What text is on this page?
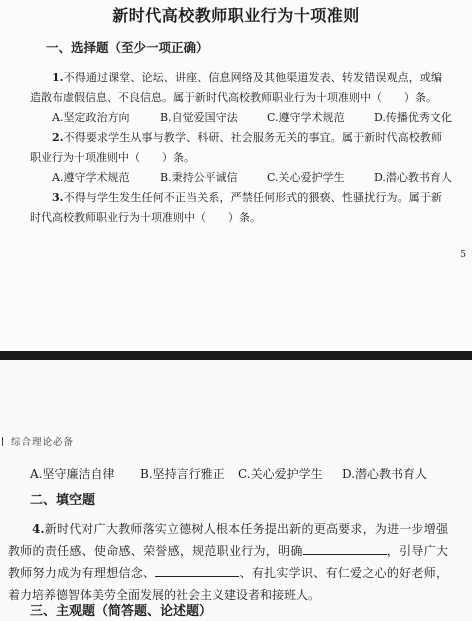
新时代高校教师职业行为十项准则
一、选择题（至少一项正确）

1.不得通过课堂、论坛、讲座、信息网络及其他渠道发表、转发错误观点，或编造散布虚假信息、不良信息。属于新时代高校教师职业行为十项准则中（　　）条。

A.坚定政治方向	B.自觉爱国守法	C.遵守学术规范	D.传播优秀文化

2.不得要求学生从事与教学、科研、社会服务无关的事宜。属于新时代高校教师职业行为十项准则中（　　）条。

A.遵守学术规范	B.秉持公平诚信	C.关心爱护学生	D.潜心教书育人

3.不得与学生发生任何不正当关系，严禁任何形式的猥亵、性骚扰行为。属于新时代高校教师职业行为十项准则中（　　）条。

5
综合理论必备
A.坚守廉洁自律 B.坚持言行雅正 C.关心爱护学生 D.潜心教书育人
二、填空题

4.新时代对广大教师落实立德树人根本任务提出新的更高要求，为进一步增强教师的责任感、使命感、荣誉感，规范职业行为，明确	，引导广大教师努力成为有理想信念、	、有扎实学识、有仁爱之心的好老师，着力培养德智体美劳全面发展的社会主义建设者和接班人。

三、主观题（简答题、论述题）
